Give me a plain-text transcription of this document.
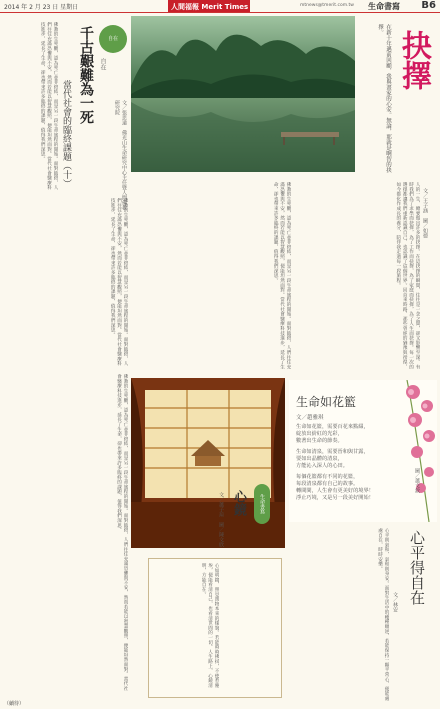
2014 年 2 月 23 日 星期日	人間福報 Merit Times	mtnews@tmerit.com.tw 生命書寫 B6
抉擇
在新十年邁前回顧，我與畫家的心安。無論，那就是啊智的抉擇。
文／王子涵　圖／如德
人的一生，總要做出許多的抉擇。在這抉擇的瞬間，往往是一念之間，卻又影響至深。有時我們為了求學而抉擇，為了工作而抉擇，為了家庭而抉擇，為了人生而抉擇。每一次的選擇都讓我們重新認識自己，也認識了這個世界。回首來時路，那些曾經的猶豫與徬徨，如今都化作成長的養分，陪伴我走過每一段旅程。
佛教的生死觀，認為死亡並非終結，而是另一段生命旅程的開始。面對臨終，人們往往充滿恐懼與不安，然而若能以智慧觀照，便能坦然面對。當代社會醫療科技進步，延長了生命，卻也帶來許多臨終的課題，值得我們深思。
自在
自在
千古艱難為一死
當代社會的臨終課題（十）	文／張思遠　佛光山生命研究中心主任暨人間佛教研究院
佛教的生死觀，認為死亡並非終結，而是另一段生命旅程的開始。面對臨終，人們往往充滿恐懼與不安，然而若能以智慧觀照，便能坦然面對。當代社會醫療科技進步，延長了生命，卻也帶來許多臨終的課題，值得我們深思。
佛教的生死觀，認為死亡並非終結，而是另一段生命旅程的開始。面對臨終，人們往往充滿恐懼與不安，然而若能以智慧觀照，便能坦然面對。當代社會醫療科技進步，延長了生命，卻也帶來許多臨終的課題，值得我們深思。
佛教的生死觀，認為死亡並非終結，而是另一段生命旅程的開始。面對臨終，人們往往充滿恐懼與不安，然而若能以智慧觀照，便能坦然面對。當代社會醫療科技進步，延長了生命，卻也帶來許多臨終的課題，值得我們深思。
心如明鏡，照見萬物本來的樣貌。若能時時拂拭，不使惹塵埃，便能看清自己，也看清世間的一切。人生路上，心鏡清明，方能自在。
心鏡	生命書寫
文／蕭子瑄　圖／陳文欣
生命如花籃
文／趙雅琪
生命如花籃，需要百花來點綴，
綻放出紛紅的光彩，
數著出生命的節奏。
生命如清泉，需要晉和與甘露，
要如出晶體的清泉，
方能沁入深人的心田。
每個花籃都有不同的花籃，
每段清泉都有自己的故事。
轉間間，人生會有更美好的境界！
淨止巧境，又是另一段美好開始！
圖／蕭文欽
心平得自在
文／林安
心平則氣和，氣和則身安。面對生活中的種種順逆，若能保持一顆平常心，便能處處自在，時時安樂。
（續待）
